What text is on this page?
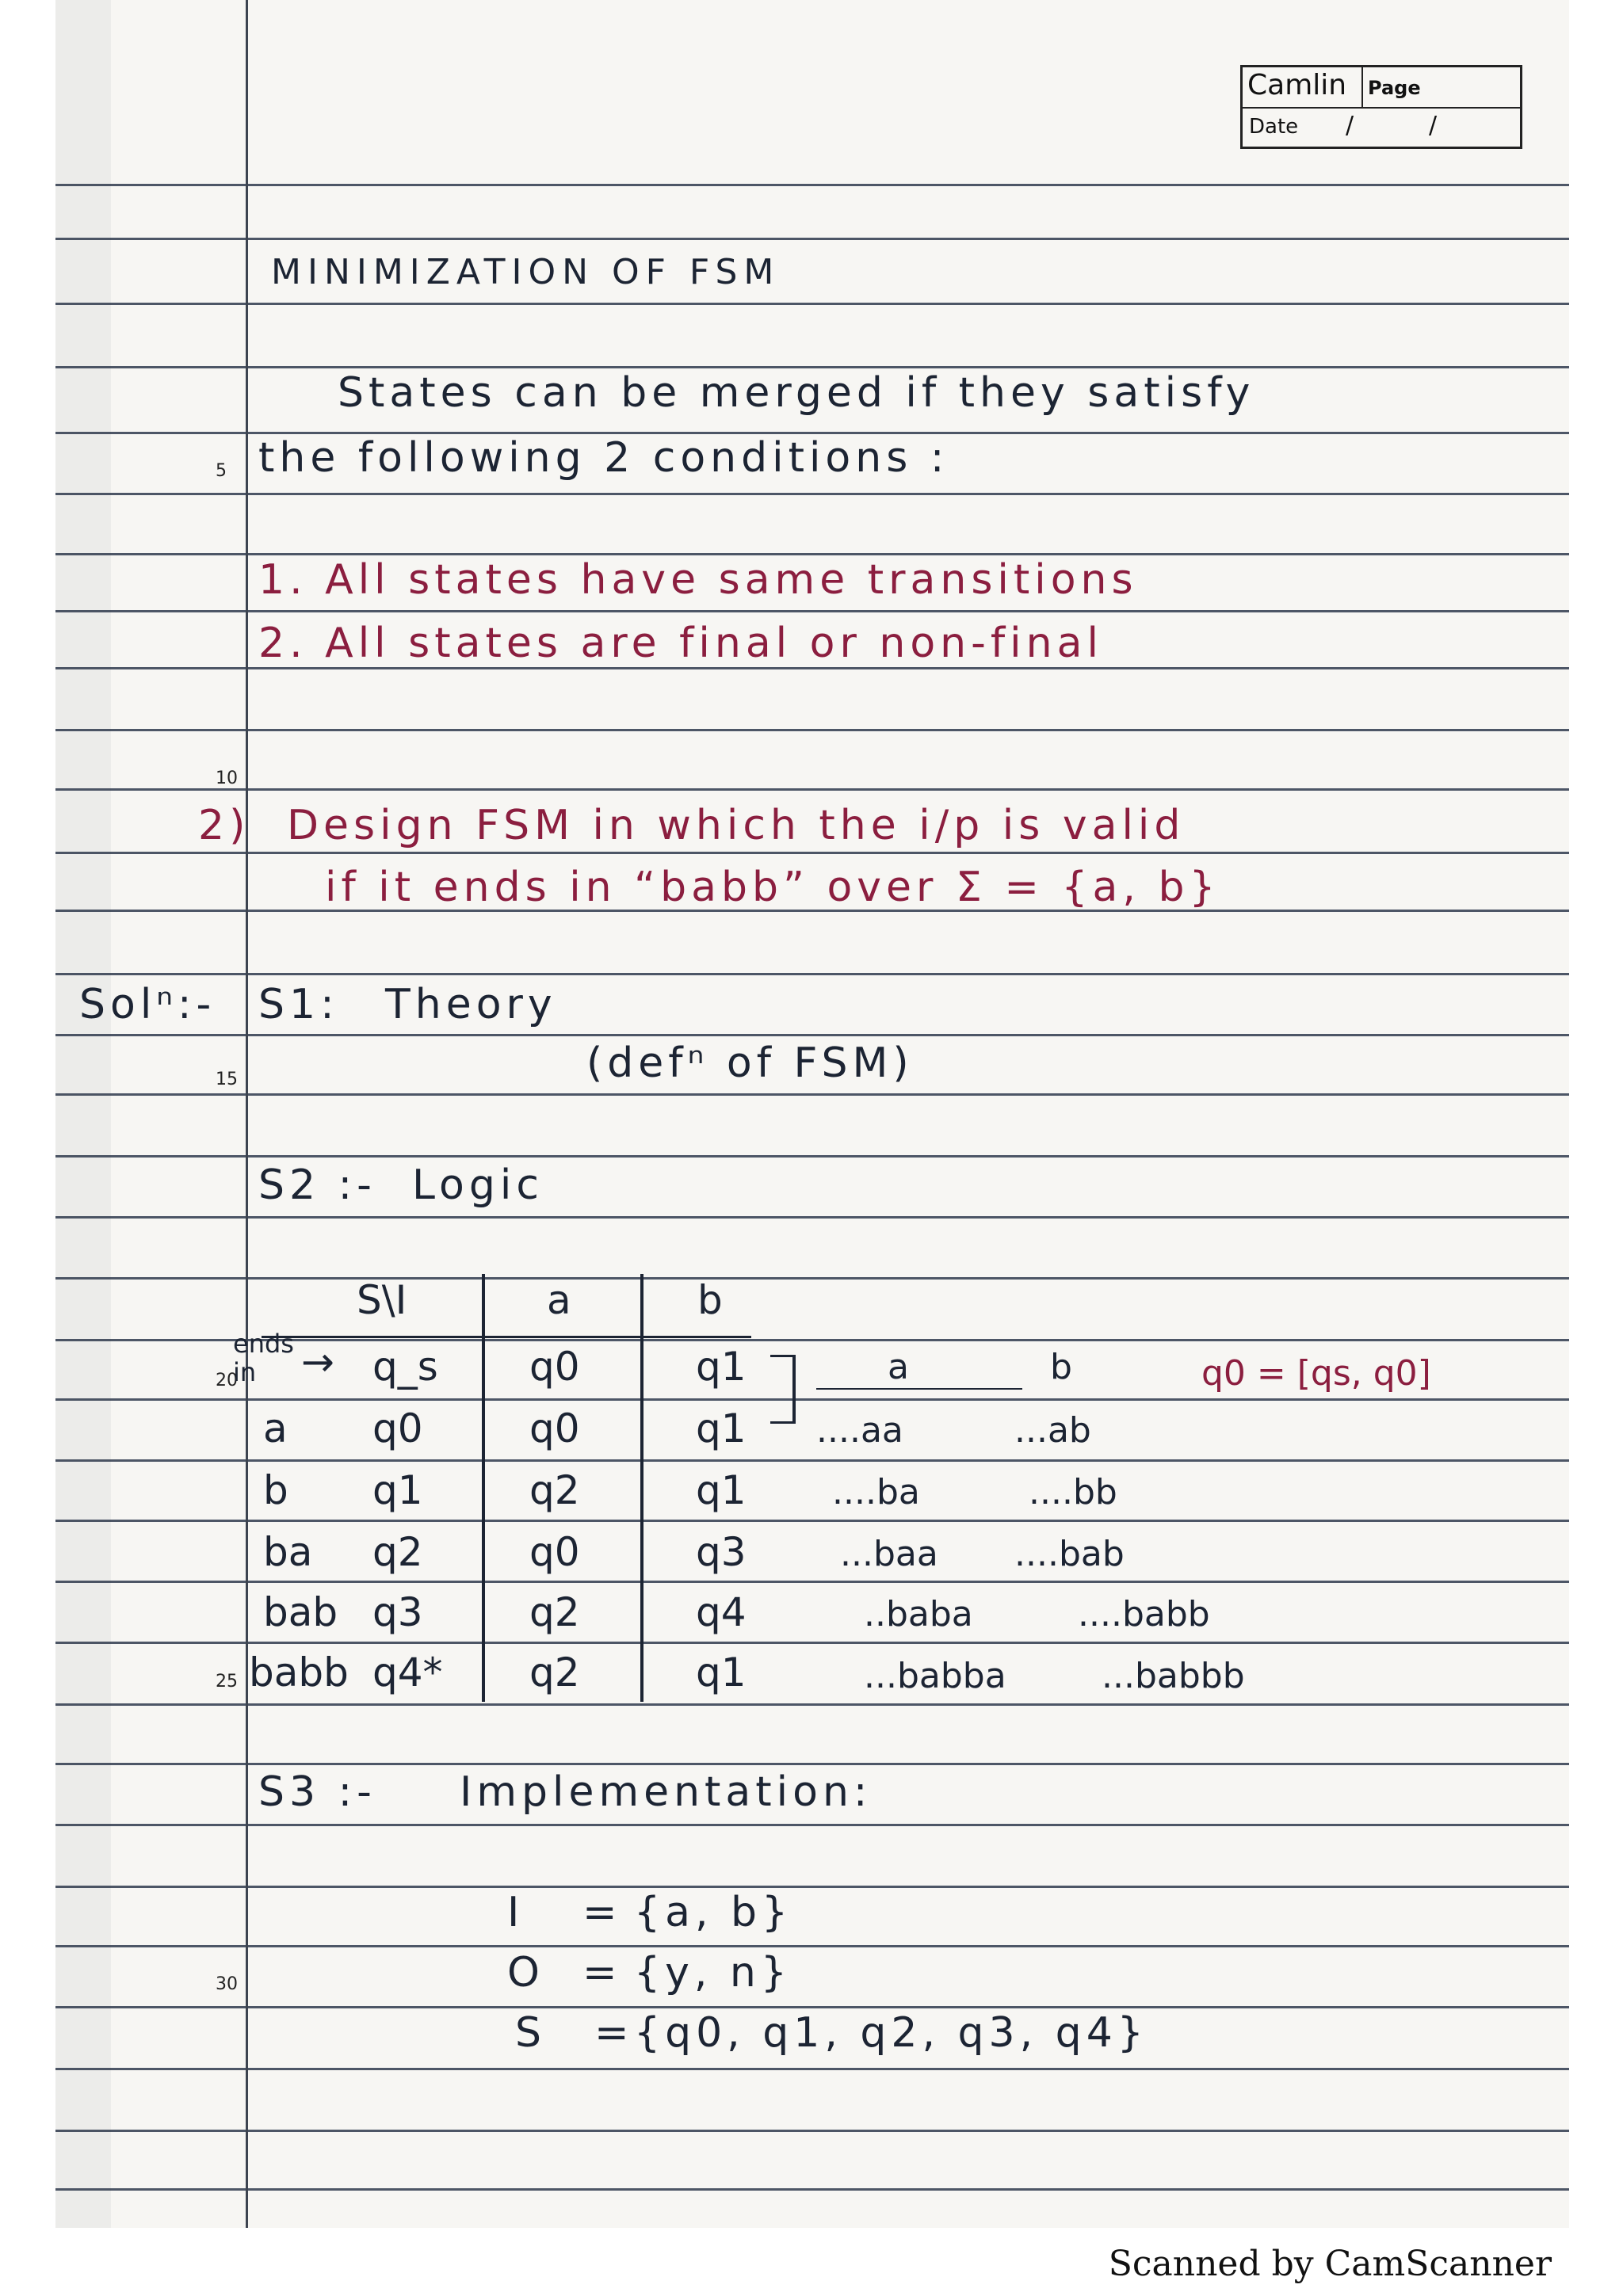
5
10
15
20
25
30
Camlin Page
Date /	/
MINIMIZATION OF FSM
States can be merged if they satisfy
the following 2 conditions :
1. All states have same transitions
2. All states are final or non-final
2) Design FSM in which the i/p is valid
if it ends in “babb” over Σ = {a, b}
Solⁿ:- S1: Theory
(defⁿ of FSM)
S2 :- Logic
S\I	a	b
ends in	→ q_s q0	q1
a q0	q0	q1
b q1	q2	q1
ba q2	q0	q3
bab q3	q2	q4
babb q4* q2	q1
a	b	q0 = [qs, q0]
....aa	...ab
....ba	....bb
...baa ....bab
..baba	....babb
...babba	...babbb
S3 :- Implementation:
I = {a, b}
O = {y, n}
S = {q0, q1, q2, q3, q4}
Scanned by CamScanner
